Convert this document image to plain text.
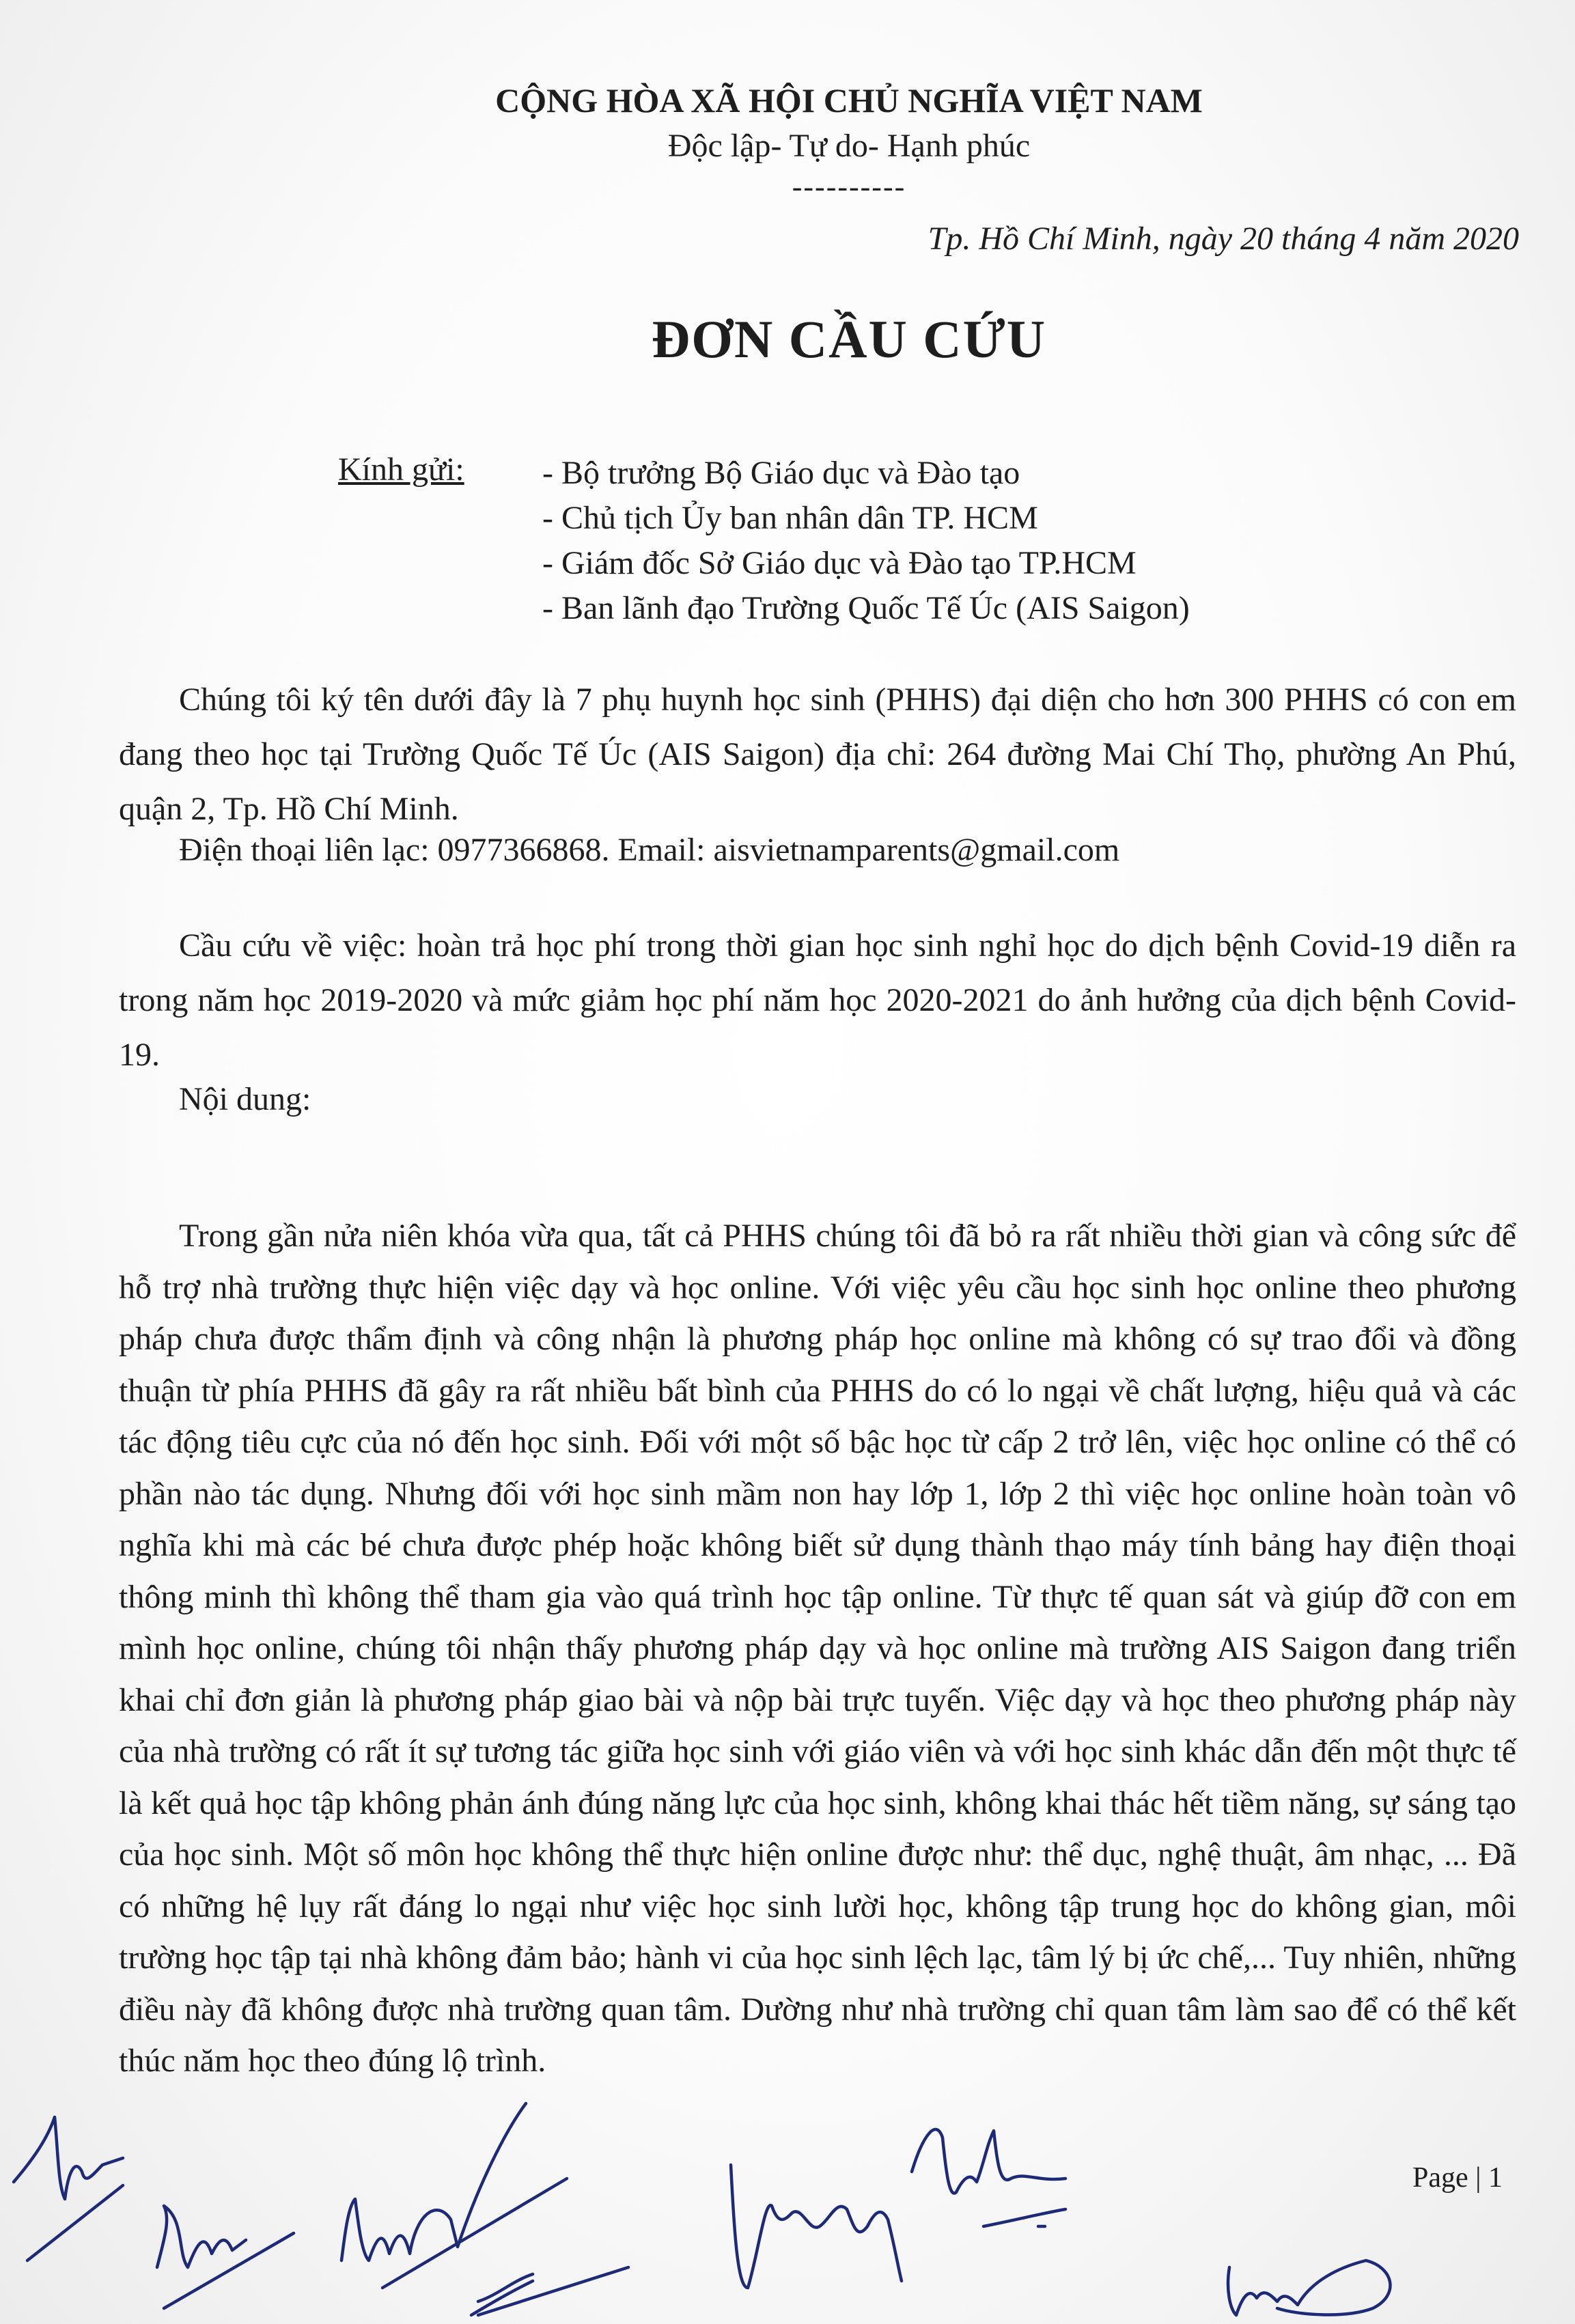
CỘNG HÒA XÃ HỘI CHỦ NGHĨA VIỆT NAM
Độc lập- Tự do- Hạnh phúc
----------
Tp. Hồ Chí Minh, ngày 20 tháng 4 năm 2020
ĐƠN CẦU CỨU
Kính gửi: - Bộ trưởng Bộ Giáo dục và Đào tạo
- Chủ tịch Ủy ban nhân dân TP. HCM
- Giám đốc Sở Giáo dục và Đào tạo TP.HCM
- Ban lãnh đạo Trường Quốc Tế Úc (AIS Saigon)

Chúng tôi ký tên dưới đây là 7 phụ huynh học sinh (PHHS) đại diện cho hơn 300 PHHS có con em đang theo học tại Trường Quốc Tế Úc (AIS Saigon) địa chỉ: 264 đường Mai Chí Thọ, phường An Phú, quận 2, Tp. Hồ Chí Minh.

Điện thoại liên lạc: 0977366868. Email: aisvietnamparents@gmail.com

Cầu cứu về việc: hoàn trả học phí trong thời gian học sinh nghỉ học do dịch bệnh Covid-19 diễn ra trong năm học 2019-2020 và mức giảm học phí năm học 2020-2021 do ảnh hưởng của dịch bệnh Covid-19.

Nội dung:

Trong gần nửa niên khóa vừa qua, tất cả PHHS chúng tôi đã bỏ ra rất nhiều thời gian và công sức để hỗ trợ nhà trường thực hiện việc dạy và học online. Với việc yêu cầu học sinh học online theo phương pháp chưa được thẩm định và công nhận là phương pháp học online mà không có sự trao đổi và đồng thuận từ phía PHHS đã gây ra rất nhiều bất bình của PHHS do có lo ngại về chất lượng, hiệu quả và các tác động tiêu cực của nó đến học sinh. Đối với một số bậc học từ cấp 2 trở lên, việc học online có thể có phần nào tác dụng. Nhưng đối với học sinh mầm non hay lớp 1, lớp 2 thì việc học online hoàn toàn vô nghĩa khi mà các bé chưa được phép hoặc không biết sử dụng thành thạo máy tính bảng hay điện thoại thông minh thì không thể tham gia vào quá trình học tập online. Từ thực tế quan sát và giúp đỡ con em mình học online, chúng tôi nhận thấy phương pháp dạy và học online mà trường AIS Saigon đang triển khai chỉ đơn giản là phương pháp giao bài và nộp bài trực tuyến. Việc dạy và học theo phương pháp này của nhà trường có rất ít sự tương tác giữa học sinh với giáo viên và với học sinh khác dẫn đến một thực tế là kết quả học tập không phản ánh đúng năng lực của học sinh, không khai thác hết tiềm năng, sự sáng tạo của học sinh. Một số môn học không thể thực hiện online được như: thể dục, nghệ thuật, âm nhạc, ... Đã có những hệ lụy rất đáng lo ngại như việc học sinh lười học, không tập trung học do không gian, môi trường học tập tại nhà không đảm bảo; hành vi của học sinh lệch lạc, tâm lý bị ức chế,... Tuy nhiên, những điều này đã không được nhà trường quan tâm. Dường như nhà trường chỉ quan tâm làm sao để có thể kết thúc năm học theo đúng lộ trình.

Page | 1
